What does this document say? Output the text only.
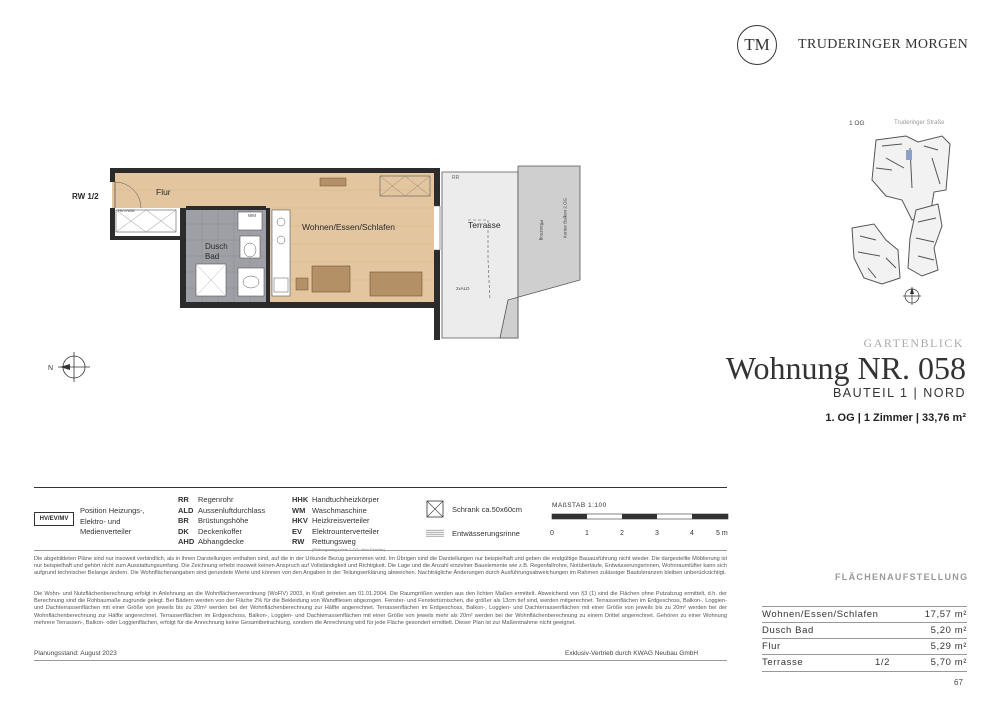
TM	TRUDERINGER MORGEN
1 OG	Truderinger Straße
RW 1/2	Flur
Dusch
Bad
Wohnen/Essen/Schlafen	Terrasse
RR
2xALD
HKV/WM
WM
Pflanztrog	Kontur Balkon 2.OG
N
GARTENBLICK
Wohnung NR. 058
BAUTEIL 1 | NORD
1. OG | 1 Zimmer | 33,76 m²
HV/EV/MV
Position Heizungs-, Elektro- und Medienverteiler
RR Regenrohr
ALD Aussenluftdurchlass
BR Brüstungshöhe
DK Deckenkoffer
AHD Abhangdecke
HHK Handtuchheizkörper
WM Waschmaschine
HKV Heizkreisverteiler
EV Elektrounterverteiler
RW Rettungsweg
Schrank ca.50x60cm
Entwässerungsrinne
MAßSTAB 1:100
0	1	2	3	4	5 m
Die abgebildeten Pläne sind nur insoweit verbindlich, als in ihnen Darstellungen enthalten sind, auf die in der Urkunde Bezug genommen wird. Im Übrigen sind die Darstellungen nur beispielhaft und geben die endgültige Bauausführung nicht wieder. Die dargestellte Möblierung ist nur beispielhaft und gehört nicht zum Ausstattungsumfang. Die Zeichnung erhebt insoweit keinen Anspruch auf Vollständigkeit und Richtigkeit. Die Lage und die Anzahl einzelner Bauelemente wie z.B. Regenfallrohre, Notüberläufe, Entwässerungsrinnen, Wohnraumlüfter kann sich aufgrund technischer Belange ändern. Die Wohnflächenangaben sind gerundete Werte und können von den Angaben in der Teilungserklärung abweichen. Nachträgliche Änderungen durch Ausführungsabweichungen im Rahmen zulässiger Bautoleranzen bleiben unberücksichtigt.
Die Wohn- und Nutzflächenberechnung erfolgt in Anlehnung an die Wohnflächenverordnung (WoFlV) 2003, in Kraft getreten am 01.01.2004. Die Raumgrößen werden aus den lichten Maßen ermittelt. Abweichend von §3 (1) sind die Flächen ohne Putzabzug ermittelt, d.h. der Berechnung sind die Rohbaumaße zugrunde gelegt. Bei Bädern werden von der Fläche 2% für die Bekleidung von Wandfliesen abgezogen. Fenster- und Fenstertürnischen, die größer als 13cm tief sind, werden mitgerechnet. Terrassenflächen im Erdgeschoss, Balkon-, Loggien- und Dachterrassenflächen mit einer Größe von jeweils bis zu 20m² werden bei der Wohnflächenberechnung zur Hälfte angerechnet. Terrassenflächen im Erdgeschoss, Balkon-, Loggien- und Dachterrassenflächen mit einer Größe von jeweils bis zu 20m² werden bei der Wohnflächenberechnung zur Hälfte angerechnet. Terrassenflächen im Erdgeschoss, Balkon-, Loggien- und Dachterrassenflächen mit einer Größe von jeweils mehr als 20m² werden bei der Wohnflächenberechnung zu einem Drittel angerechnet. Gehören zu einer Wohnung mehrere Terrassen-, Balkon- oder Loggienflächen, erfolgt für die Anrechnung keine Gesamtbetrachtung, sondern die Anrechnung wird für jede Fläche gesondert ermittelt. Dieser Plan ist zur Maßentnahme nicht geeignet.
Planungsstand: August 2023	Exklusiv-Vertrieb durch KWAG Neubau GmbH
FLÄCHENAUFSTELLUNG
Wohnen/Essen/Schlafen	17,57 m²
Dusch Bad	5,20 m²
Flur	5,29 m²
Terrasse	1/2	5,70 m²
67
